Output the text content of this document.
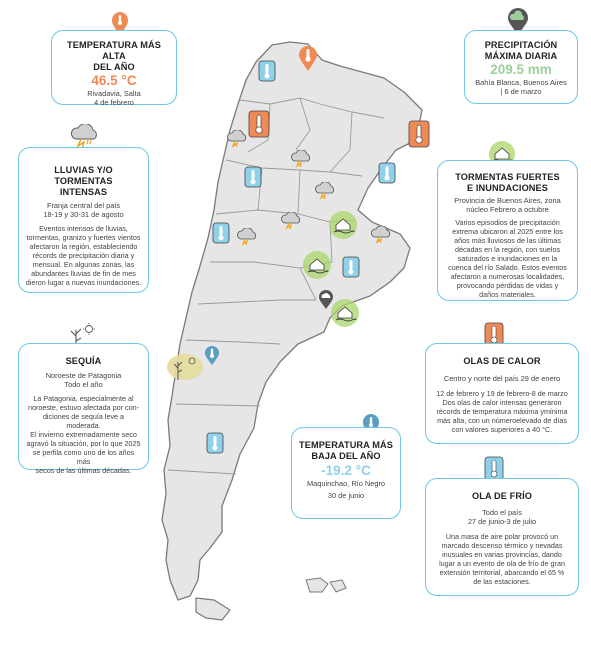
TEMPERATURA MÁS ALTA
DEL AÑO
46.5 °C
Rivadavia, Salta
4 de febrero
PRECIPITACIÓN
MÁXIMA DIARIA
209.5 mm
Bahía Blanca, Buenos Aires
| 6 de marzo
LLUVIAS Y/O TORMENTAS
INTENSAS
Franja central del país
18-19 y 30-31 de agosto
Eventos intensos de lluvias,
tormentas, granizo y fuertes vientos
afectaron la región, estableciendo
récords de precipitación diaria y
mensual. En algunas zonas, las
abundantes lluvias de fin de mes
dieron lugar a nuevas inundaciones.
TORMENTAS FUERTES
E INUNDACIONES
Provincia de Buenos Aires, zona
núcleo Febrero a octubre
Varios episodios de precipitación
extrema ubicaron al 2025 entre los
años más lluviosos de las últimas
décadas en la región, con suelos
saturados e inundaciones en la
cuenca del río Salado. Estos eventos
afectaron a numerosas localidades,
provocando pérdidas de vidas y
daños materiales.
SEQUÍA
Noroeste de Patagonia
Todo el año
La Patagonia, especialmente al
noroeste, estuvo afectada por con-
diciones de sequía leve a moderada.
El invierno extremadamente seco
agravó la situación, por lo que 2025
se perfila como uno de los años más
secos de las últimas décadas.
OLAS DE CALOR
Centro y norte del país 29 de enero
12 de febrero y 19 de febrero-8 de marzo
Dos olas de calor intensas generaron
récords de temperatura máxima ymínima
más alta, con un númeroelevado de días
con valores superiores a 40 °C.
TEMPERATURA MÁS
BAJA DEL AÑO
-19.2 °C
Maquinchao, Río Negro
30 de junio	OLA DE FRÍO
Todo el país
27 de junio-3 de julio
Una masa de aire polar provocó un
marcado descenso térmico y nevadas
inusuales en varias provincias, dando
lugar a un evento de ola de frío de gran
extensión territorial, abarcando el 65 %
de las estaciones.
